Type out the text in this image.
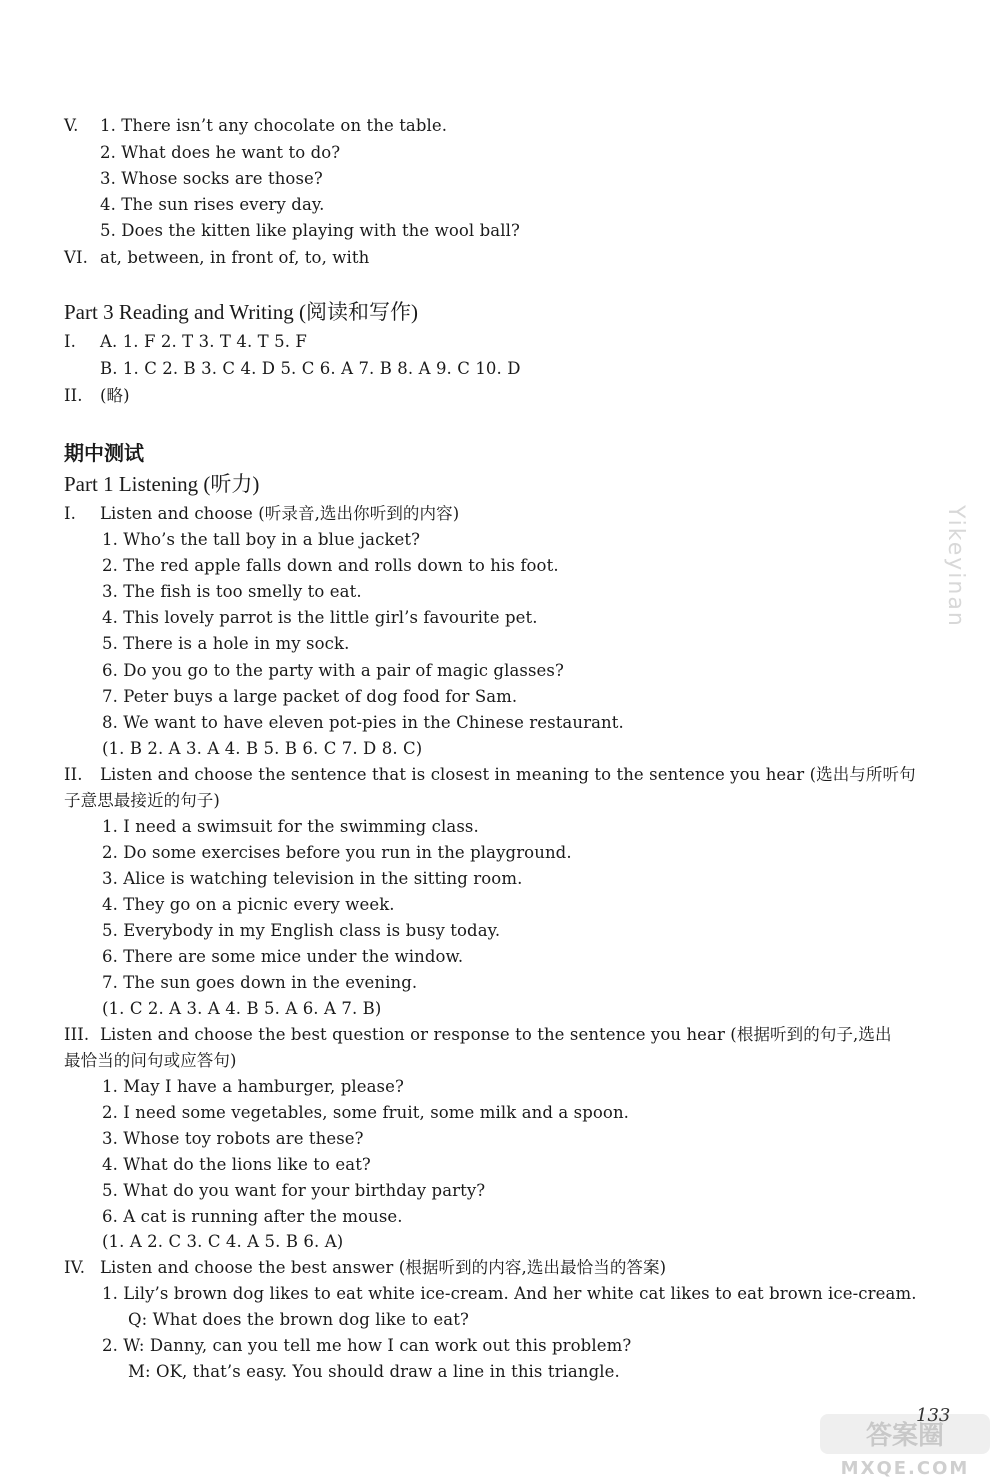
V. 1. There isn’t any chocolate on the table.
2. What does he want to do?
3. Whose socks are those?
4. The sun rises every day.
5. Does the kitten like playing with the wool ball?
VI. at, between, in front of, to, with
Part 3 Reading and Writing (阅读和写作)
I. A. 1. F 2. T 3. T 4. T 5. F
B. 1. C 2. B 3. C 4. D 5. C 6. A 7. B 8. A 9. C 10. D
II. (略)
期中测试
Part 1 Listening (听力)
I. Listen and choose (听录音,选出你听到的内容)
1. Who’s the tall boy in a blue jacket?
2. The red apple falls down and rolls down to his foot.
3. The fish is too smelly to eat.
4. This lovely parrot is the little girl’s favourite pet.
5. There is a hole in my sock.
6. Do you go to the party with a pair of magic glasses?
7. Peter buys a large packet of dog food for Sam.
8. We want to have eleven pot-pies in the Chinese restaurant.
(1. B 2. A 3. A 4. B 5. B 6. C 7. D 8. C)
II. Listen and choose the sentence that is closest in meaning to the sentence you hear (选出与所听句
子意思最接近的句子)
1. I need a swimsuit for the swimming class.
2. Do some exercises before you run in the playground.
3. Alice is watching television in the sitting room.
4. They go on a picnic every week.
5. Everybody in my English class is busy today.
6. There are some mice under the window.
7. The sun goes down in the evening.
(1. C 2. A 3. A 4. B 5. A 6. A 7. B)
III. Listen and choose the best question or response to the sentence you hear (根据听到的句子,选出
最恰当的问句或应答句)
1. May I have a hamburger, please?
2. I need some vegetables, some fruit, some milk and a spoon.
3. Whose toy robots are these?
4. What do the lions like to eat?
5. What do you want for your birthday party?
6. A cat is running after the mouse.
(1. A 2. C 3. C 4. A 5. B 6. A)
IV. Listen and choose the best answer (根据听到的内容,选出最恰当的答案)
1. Lily’s brown dog likes to eat white ice-cream. And her white cat likes to eat brown ice-cream.
Q: What does the brown dog like to eat?
2. W: Danny, can you tell me how I can work out this problem?
M: OK, that’s easy. You should draw a line in this triangle.
Yikeyinan
答案圈
MXQE.COM
133
